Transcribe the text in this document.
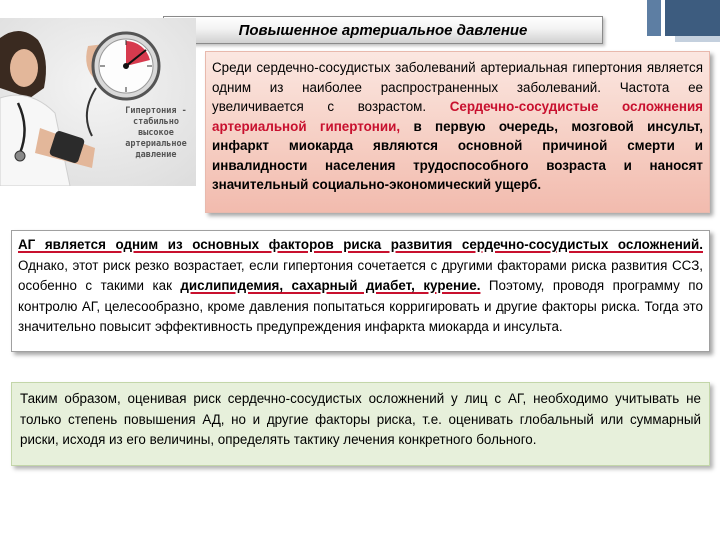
Повышенное артериальное давление
Гипертония - стабильно высокое артериальное давление
Среди сердечно-сосудистых заболеваний артериальная гипертония является одним из наиболее распространенных заболеваний. Частота ее увеличивается с возрастом. Сердечно-сосудистые осложнения артериальной гипертонии, в первую очередь, мозговой инсульт, инфаркт миокарда являются основной причиной смерти и инвалидности населения трудоспособного возраста и наносят значительный социально-экономический ущерб.
АГ является одним из основных факторов риска развития сердечно-сосудистых осложнений. Однако, этот риск резко возрастает, если гипертония сочетается с другими факторами риска развития ССЗ, особенно с такими как дислипидемия, сахарный диабет, курение. Поэтому, проводя программу по контролю АГ, целесообразно, кроме давления попытаться корригировать и другие факторы риска. Тогда это значительно повысит эффективность предупреждения инфаркта миокарда и инсульта.
Таким образом, оценивая риск сердечно-сосудистых осложнений у лиц с АГ, необходимо учитывать не только степень повышения АД, но и другие факторы риска, т.е. оценивать глобальный или суммарный риски, исходя из его величины, определять тактику лечения конкретного больного.
